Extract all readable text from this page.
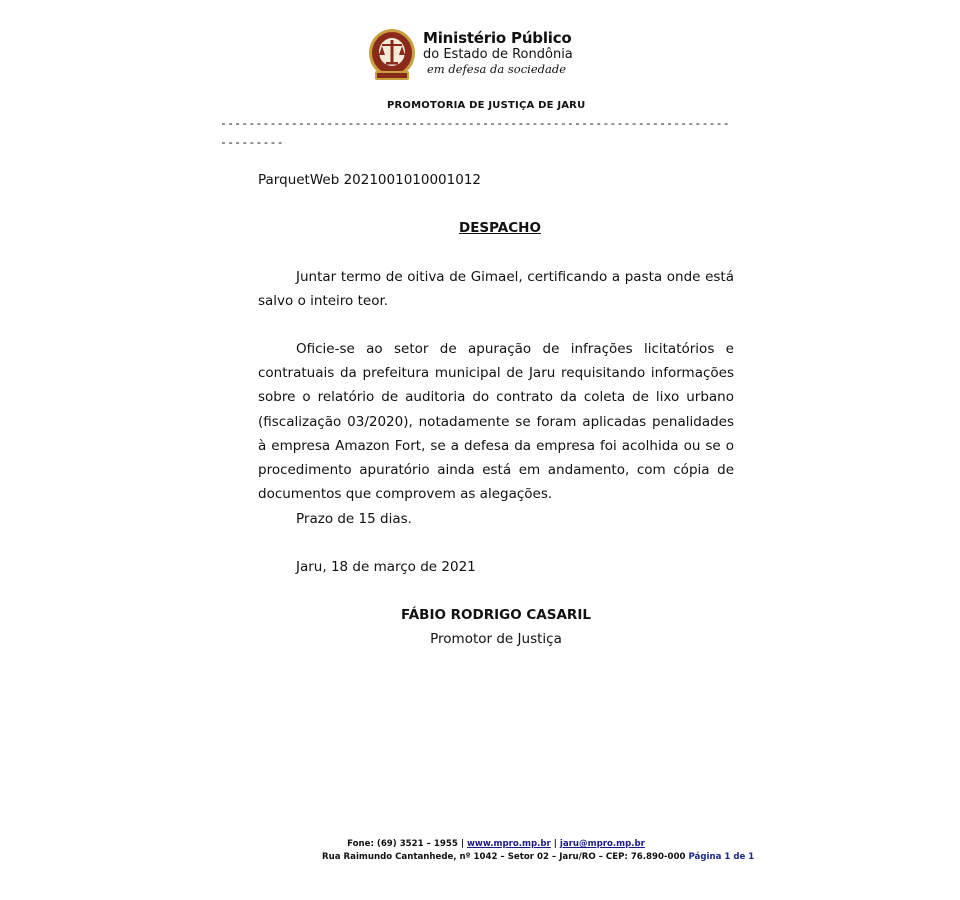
Ministério Público
do Estado de Rondônia
em defesa da sociedade
PROMOTORIA DE JUSTIÇA DE JARU
------------------------------------------------------------------------
---------
ParquetWeb 2021001010001012
DESPACHO

Juntar termo de oitiva de Gimael, certificando a pasta onde está salvo o inteiro teor.

Oficie-se ao setor de apuração de infrações licitatórios e contratuais da prefeitura municipal de Jaru requisitando informações sobre o relatório de auditoria do contrato da coleta de lixo urbano (fiscalização 03/2020), notadamente se foram aplicadas penalidades à empresa Amazon Fort, se a defesa da empresa foi acolhida ou se o procedimento apuratório ainda está em andamento, com cópia de documentos que comprovem as alegações.

Prazo de 15 dias.

Jaru, 18 de março de 2021

FÁBIO RODRIGO CASARIL
Promotor de Justiça
Fone: (69) 3521 – 1955 | www.mpro.mp.br | jaru@mpro.mp.br
Rua Raimundo Cantanhede, nº 1042 – Setor 02 – Jaru/RO – CEP: 76.890-000 Página 1 de 1
